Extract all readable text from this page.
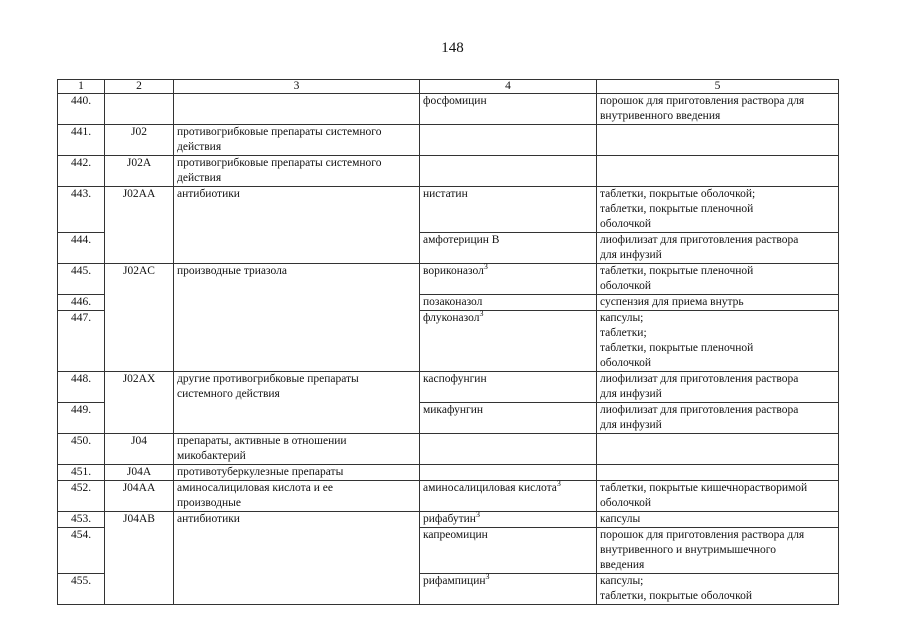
148
1	2	3	4	5
440.			фосфомицин	порошок для приготовления раствора для
внутривенного введения

441.	J02	противогрибковые препараты системного
действия		

442.	J02A	противогрибковые препараты системного
действия		

443.	J02AA	антибиотики	нистатин	таблетки, покрытые оболочкой;
таблетки, покрытые пленочной
оболочкой

444.			амфотерицин В	лиофилизат для приготовления раствора
для инфузий

445.	J02AC	производные триазола	вориконазол$^3$	таблетки, покрытые пленочной
оболочкой

446.			позаконазол	суспензия для приема внутрь

447.			флуконазол$^3$	капсулы;
таблетки;
таблетки, покрытые пленочной
оболочкой

448.	J02AX	другие противогрибковые препараты
системного действия	каспофунгин	лиофилизат для приготовления раствора
для инфузий

449.			микафунгин	лиофилизат для приготовления раствора
для инфузий

450.	J04	препараты, активные в отношении
микобактерий		

451.	J04A	противотуберкулезные препараты		
452.	J04AA	аминосалициловая кислота и ее
производные	аминосалициловая кислота$^3$	таблетки, покрытые кишечнорастворимой
оболочкой

453.	J04AB	антибиотики	рифабутин$^3$	капсулы

454.			капреомицин	порошок для приготовления раствора для
внутривенного и внутримышечного
введения

455.			рифампицин$^3$	капсулы;
таблетки, покрытые оболочкой
